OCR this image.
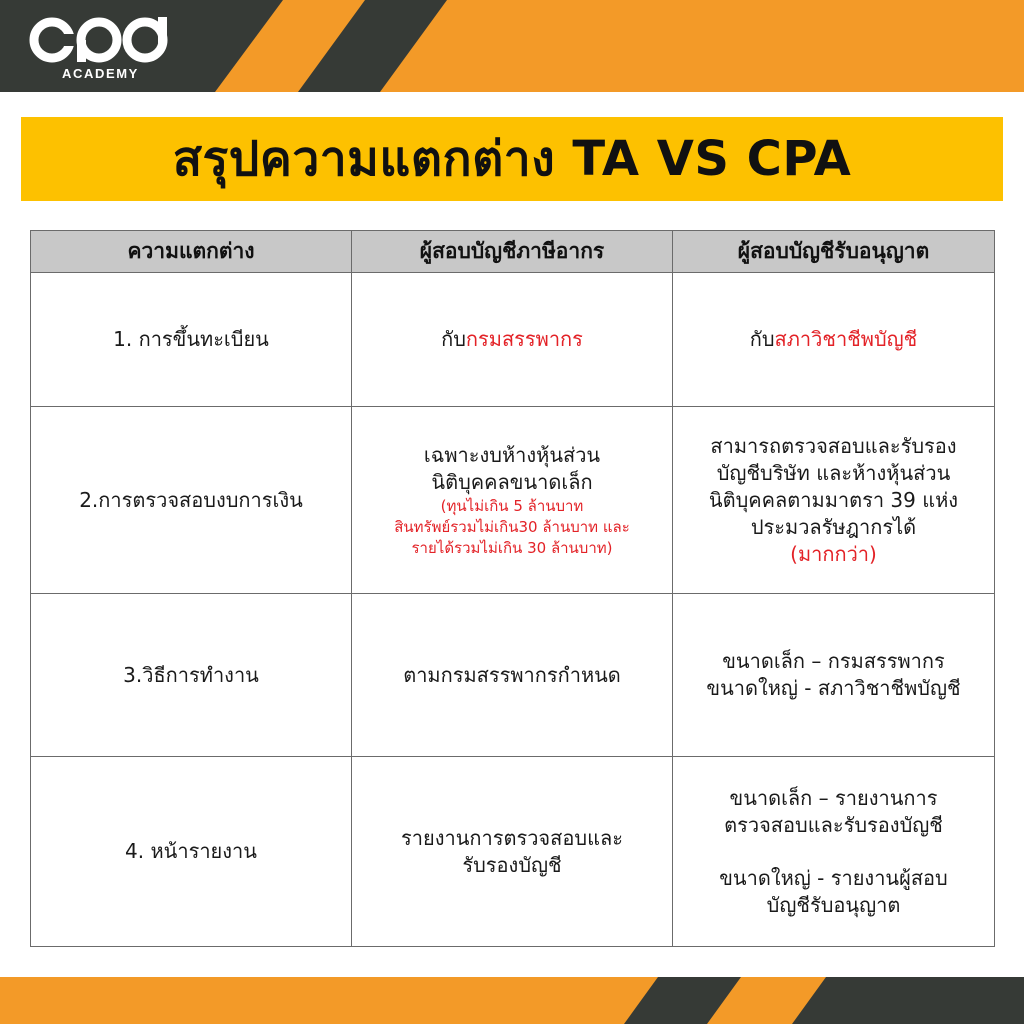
ACADEMY
สรุปความแตกต่าง TA VS CPA
ความแตกต่าง	ผู้สอบบัญชีภาษีอากร	ผู้สอบบัญชีรับอนุญาต
1. การขึ้นทะเบียน	กับกรมสรรพากร	กับสภาวิชาชีพบัญชี
2.การตรวจสอบงบการเงิน	เฉพาะงบห้างหุ้นส่วน
นิติบุคคลขนาดเล็ก
(ทุนไม่เกิน 5 ล้านบาท
สินทรัพย์รวมไม่เกิน30 ล้านบาท และ
รายได้รวมไม่เกิน 30 ล้านบาท)	สามารถตรวจสอบและรับรอง
บัญชีบริษัท และห้างหุ้นส่วน
นิติบุคคลตามมาตรา 39 แห่ง
ประมวลรัษฎากรได้
(มากกว่า)

3.วิธีการทำงาน	ตามกรมสรรพากรกำหนด	ขนาดเล็ก – กรมสรรพากร
ขนาดใหญ่ - สภาวิชาชีพบัญชี

4. หน้ารายงาน	รายงานการตรวจสอบและ
รับรองบัญชี	ขนาดเล็ก – รายงานการ
ตรวจสอบและรับรองบัญชี
ขนาดใหญ่ - รายงานผู้สอบ
บัญชีรับอนุญาต
